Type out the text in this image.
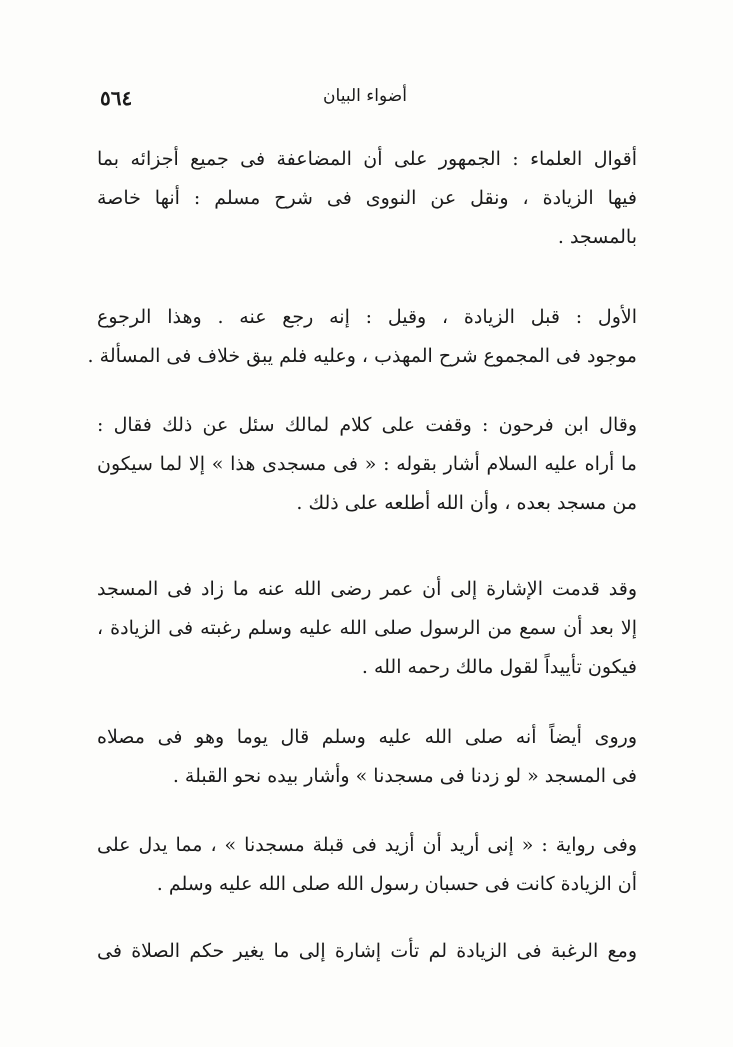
٥٦٤	أضواء البيان
أقوال العلماء : الجمهور على أن المضاعفة فى جميع أجزائه بما
فيها الزيادة ، ونقل عن النووى فى شرح مسلم : أنها خاصة
بالمسجد .
الأول : قبل الزيادة ، وقيل : إنه رجع عنه . وهذا الرجوع
موجود فى المجموع شرح المهذب ، وعليه فلم يبق خلاف فى المسألة .
وقال ابن فرحون : وقفت على كلام لمالك سئل عن ذلك فقال :
ما أراه عليه السلام أشار بقوله : « فى مسجدى هذا » إلا لما سيكون
من مسجد بعده ، وأن الله أطلعه على ذلك .
وقد قدمت الإشارة إلى أن عمر رضى الله عنه ما زاد فى المسجد
إلا بعد أن سمع من الرسول صلى الله عليه وسلم رغبته فى الزيادة ،
فيكون تأييداً لقول مالك رحمه الله .
وروى أيضاً أنه صلى الله عليه وسلم قال يوما وهو فى مصلاه
فى المسجد « لو زدنا فى مسجدنا » وأشار بيده نحو القبلة .
وفى رواية : « إنى أريد أن أزيد فى قبلة مسجدنا » ، مما يدل على
أن الزيادة كانت فى حسبان رسول الله صلى الله عليه وسلم .
ومع الرغبة فى الزيادة لم تأت إشارة إلى ما يغير حكم الصلاة فى
